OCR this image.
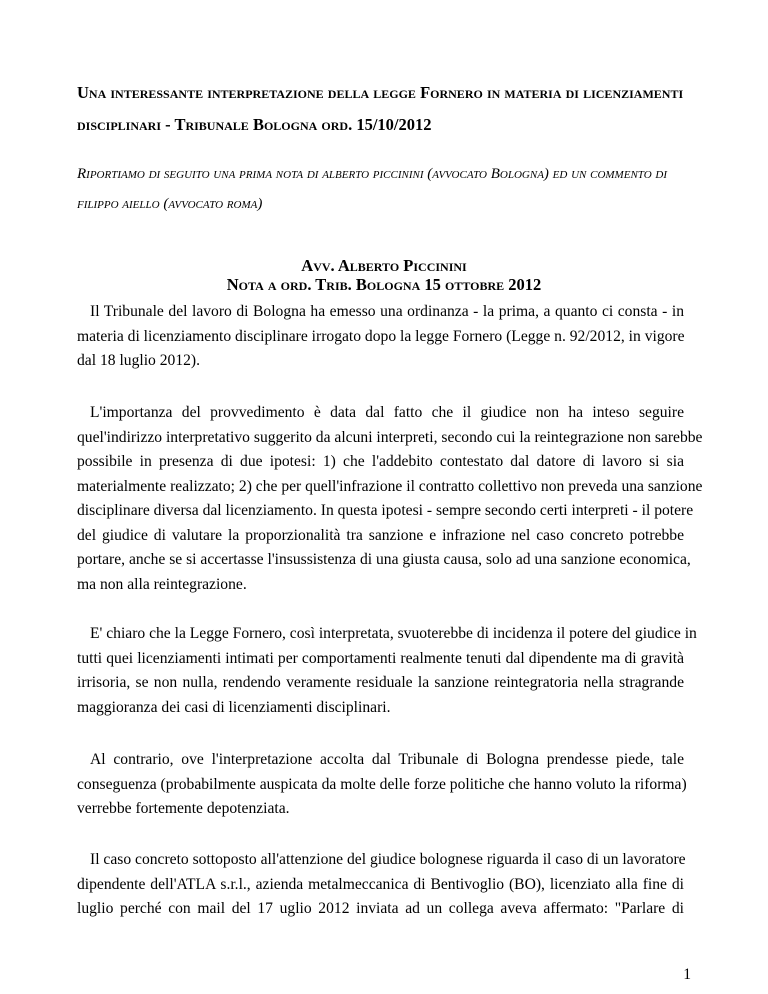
Una interessante interpretazione della legge Fornero in materia di licenziamenti
disciplinari - Tribunale Bologna ord. 15/10/2012
Riportiamo di seguito una prima nota di alberto piccinini (avvocato Bologna) ed un commento di
filippo aiello (avvocato roma)
Avv. Alberto Piccinini
Nota a ord. Trib. Bologna 15 ottobre 2012
Il Tribunale del lavoro di Bologna ha emesso una ordinanza - la prima, a quanto ci consta - in
materia di licenziamento disciplinare irrogato dopo la legge Fornero (Legge n. 92/2012, in vigore
dal 18 luglio 2012).
L'importanza del provvedimento è data dal fatto che il giudice non ha inteso seguire
quel'indirizzo interpretativo suggerito da alcuni interpreti, secondo cui la reintegrazione non sarebbe
possibile in presenza di due ipotesi: 1) che l'addebito contestato dal datore di lavoro si sia
materialmente realizzato; 2) che per quell'infrazione il contratto collettivo non preveda una sanzione
disciplinare diversa dal licenziamento. In questa ipotesi - sempre secondo certi interpreti - il potere
del giudice di valutare la proporzionalità tra sanzione e infrazione nel caso concreto potrebbe
portare, anche se si accertasse l'insussistenza di una giusta causa, solo ad una sanzione economica,
ma non alla reintegrazione.
E' chiaro che la Legge Fornero, così interpretata, svuoterebbe di incidenza il potere del giudice in
tutti quei licenziamenti intimati per comportamenti realmente tenuti dal dipendente ma di gravità
irrisoria, se non nulla, rendendo veramente residuale la sanzione reintegratoria nella stragrande
maggioranza dei casi di licenziamenti disciplinari.
Al contrario, ove l'interpretazione accolta dal Tribunale di Bologna prendesse piede, tale
conseguenza (probabilmente auspicata da molte delle forze politiche che hanno voluto la riforma)
verrebbe fortemente depotenziata.
Il caso concreto sottoposto all'attenzione del giudice bolognese riguarda il caso di un lavoratore
dipendente dell'ATLA s.r.l., azienda metalmeccanica di Bentivoglio (BO), licenziato alla fine di
luglio perché con mail del 17 uglio 2012 inviata ad un collega aveva affermato: "Parlare di
1
